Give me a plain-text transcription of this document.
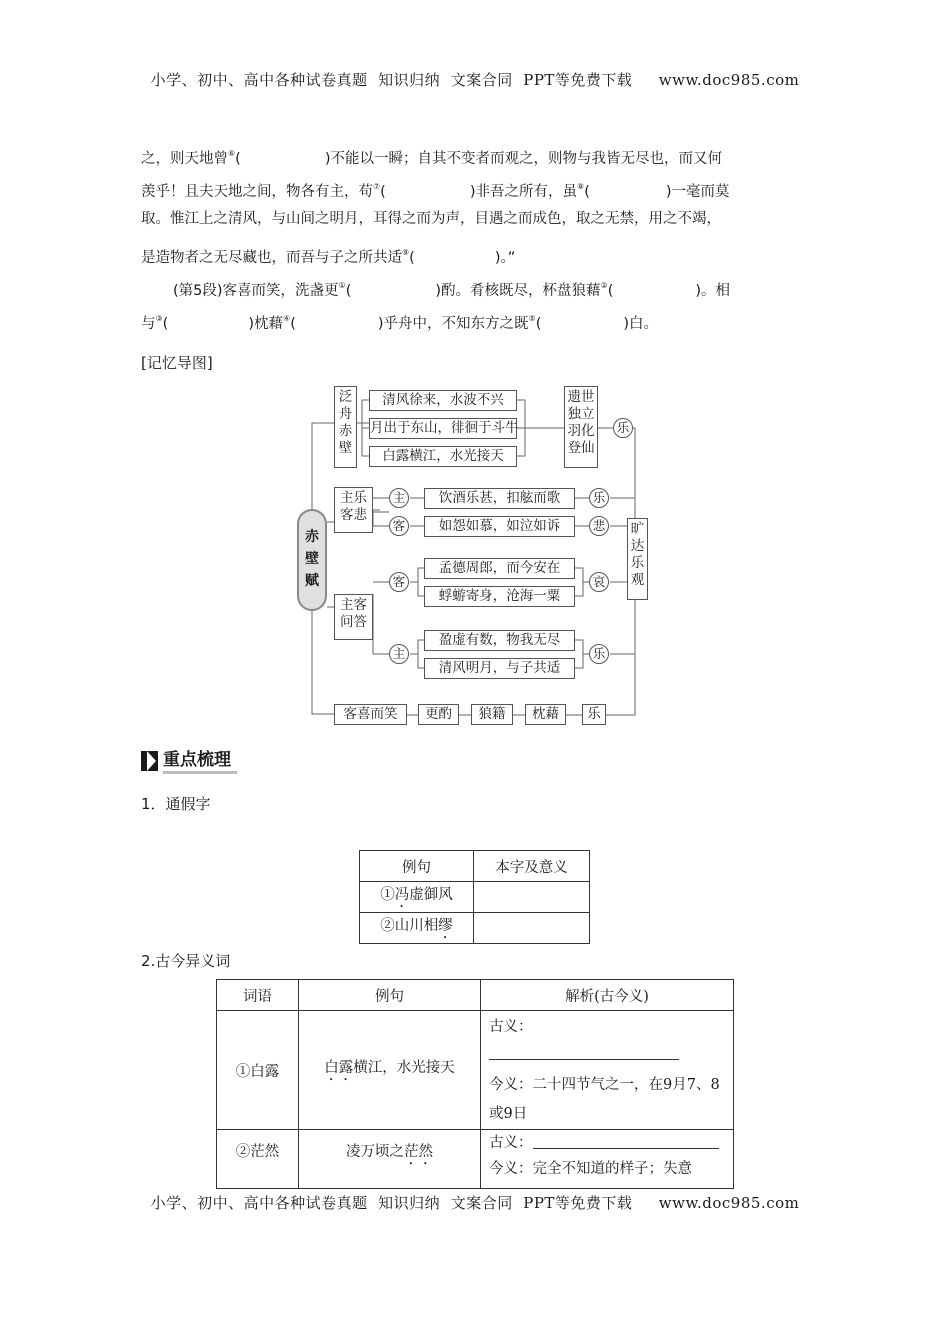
小学、初中、高中各种试卷真题  知识归纳  文案合同  PPT等免费下载     www.doc985.com
之，则天地曾⑥(	)不能以一瞬；自其不变者而观之，则物与我皆无尽也，而又何
羡乎！且夫天地之间，物各有主，苟⑦(	)非吾之所有，虽⑧(	)一毫而莫
取。惟江上之清风，与山间之明月，耳得之而为声，目遇之而成色，取之无禁，用之不竭，
是造物者之无尽藏也，而吾与子之所共适⑨(	)。”
(第5段)客喜而笑，洗盏更①(	)酌。肴核既尽，杯盘狼藉②(	)。相
与③(	)枕藉④(	)乎舟中，不知东方之既⑤(	)白。
[记忆导图]
赤壁赋
泛舟赤壁
清风徐来，水波不兴
月出于东山，徘徊于斗牛
白露横江，水光接天
遗世独立羽化登仙
乐
主乐客悲
主
客
饮酒乐甚，扣舷而歌
如怨如慕，如泣如诉
乐
悲 旷达乐观
主客问答
客
孟德周郎，而今安在
蜉蝣寄身，沧海一粟
哀
主
盈虚有数，物我无尽
清风明月，与子共适
乐
客喜而笑	更酌	狼籍	枕藉	乐
重点梳理
1．通假字
例句	本字及意义
①冯虚御风	
②山川相缪	
2.古今异义词
词语	例句	解析(古今义)
①白露	白露横江，水光接天	古义：
今义：二十四节气之一，在9月7、8或9日

②茫然	凌万顷之茫然	古义：
今义：完全不知道的样子；失意
小学、初中、高中各种试卷真题  知识归纳  文案合同  PPT等免费下载     www.doc985.com
